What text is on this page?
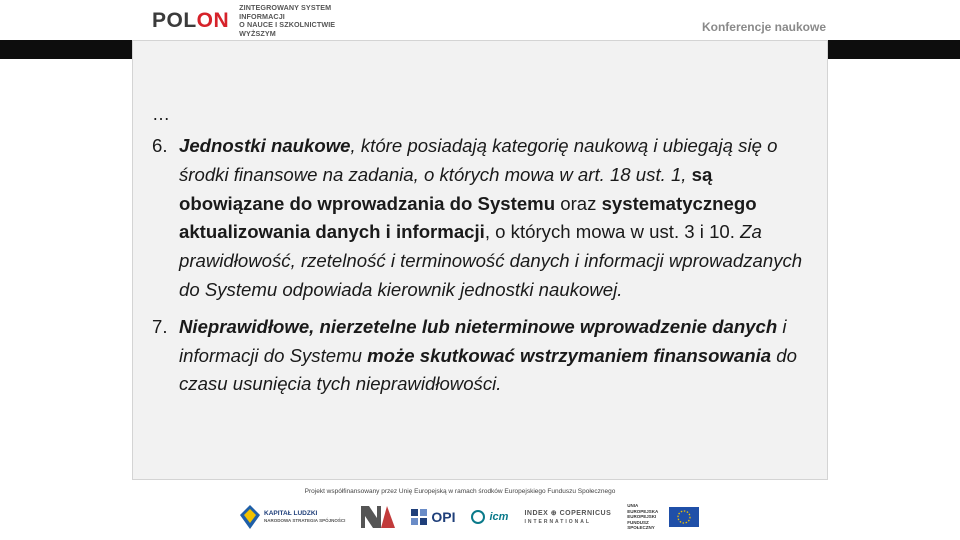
POLON
ZINTEGROWANY SYSTEM INFORMACJI
O NAUCE I SZKOLNICTWIE WYŻSZYM	Konferencje naukowe
…
6. Jednostki naukowe, które posiadają kategorię naukową i ubiegają się o środki finansowe na zadania, o których mowa w art. 18 ust. 1, są obowiązane do wprowadzania do Systemu oraz systematycznego aktualizowania danych i informacji, o których mowa w ust. 3 i 10. Za prawidłowość, rzetelność i terminowość danych i informacji wprowadzanych do Systemu odpowiada kierownik jednostki naukowej.
7. Nieprawidłowe, nierzetelne lub nieterminowe wprowadzenie danych i informacji do Systemu może skutkować wstrzymaniem finansowania do czasu usunięcia tych nieprawidłowości.
Projekt współfinansowany przez Unię Europejską w ramach środków Europejskiego Funduszu Społecznego
KAPITAŁ LUDZKI
NARODOWA STRATEGIA SPÓJNOŚCI	OPI	icm INDEX ⊕ COPERNICUS
INTERNATIONAL
UNIA EUROPEJSKA
EUROPEJSKI
FUNDUSZ SPOŁECZNY
